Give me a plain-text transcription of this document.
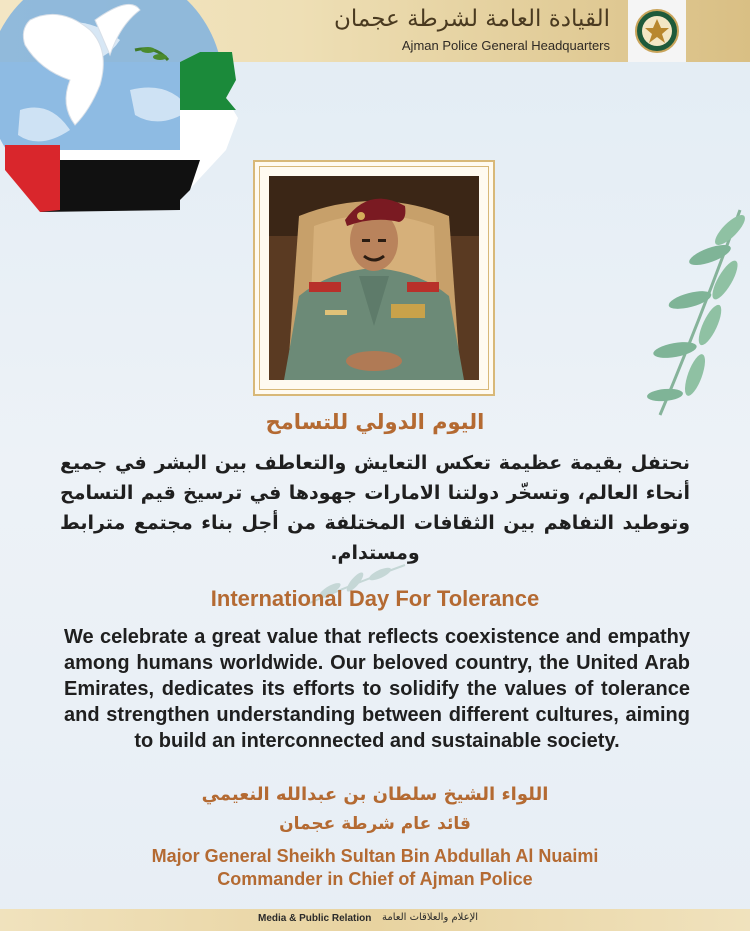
القيادة العامة لشرطة عجمان
Ajman Police General Headquarters
اليوم الدولي للتسامح
نحتفل بقيمة عظيمة تعكس التعايش والتعاطف بين البشر في جميع أنحاء العالم، وتسخّر دولتنا الامارات جهودها في ترسيخ قيم التسامح وتوطيد التفاهم بين الثقافات المختلفة من أجل بناء مجتمع مترابط ومستدام.
International Day For Tolerance
We celebrate a great value that reflects coexistence and empathy among humans worldwide. Our beloved country, the United Arab Emirates, dedicates its efforts to solidify the values of tolerance and strengthen understanding between different cultures, aiming to build an interconnected and sustainable society.
اللواء الشيخ سلطان بن عبدالله النعيمي
قائد عام شرطة عجمان
Major General Sheikh Sultan Bin Abdullah Al Nuaimi
Commander in Chief of Ajman Police
Media & Public Relation الإعلام والعلاقات العامة
